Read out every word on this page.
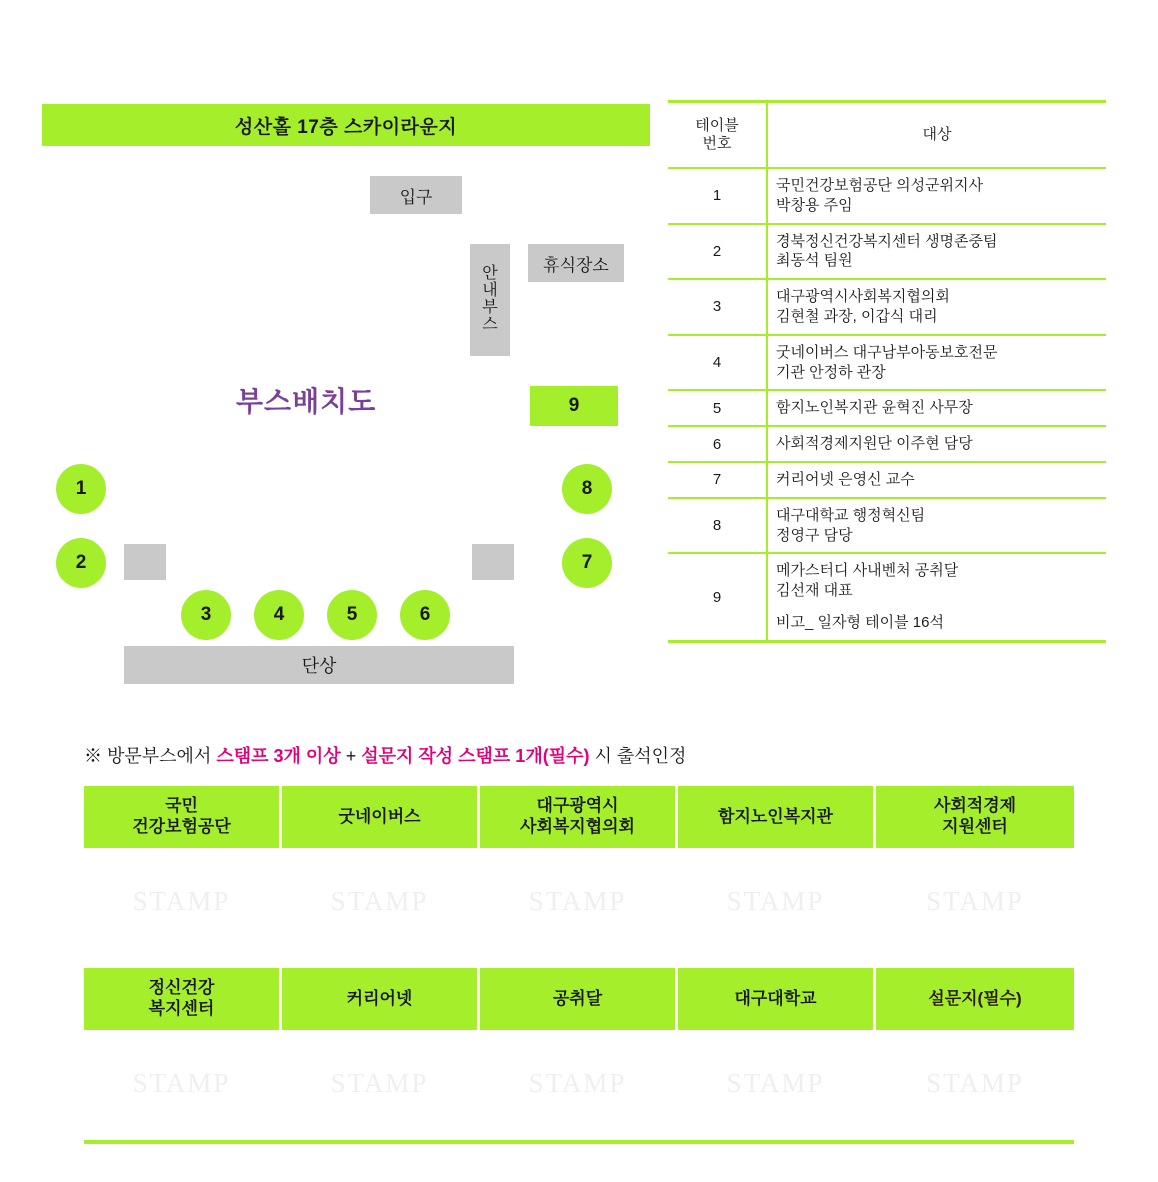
성산홀 17층 스카이라운지
입구
휴식장소
안
내
부
스
부스배치도	9
1
2
3	4	5	6
7
8
단상
테이블
번호	대상
1	국민건강보험공단 의성군위지사
박창용 주임
2	경북정신건강복지센터 생명존중팀
최동석 팀원
3	대구광역시사회복지협의회
김현철 과장, 이갑식 대리
4	굿네이버스 대구남부아동보호전문
기관 안정하 관장
5	함지노인복지관 윤혁진 사무장
6	사회적경제지원단 이주현 담당
7	커리어넷 은영신 교수
8	대구대학교 행정혁신팀
정영구 담당
9	메가스터디 사내벤처 공취달
김선재 대표
비고_ 일자형 테이블 16석
※ 방문부스에서 스탬프 3개 이상 + 설문지 작성 스탬프 1개(필수) 시 출석인정
국민
건강보험공단
STAMP
굿네이버스
STAMP
대구광역시
사회복지협의회
STAMP
함지노인복지관
STAMP
사회적경제
지원센터
STAMP
정신건강
복지센터
STAMP
커리어넷
STAMP
공취달
STAMP
대구대학교
STAMP
설문지(필수)
STAMP
